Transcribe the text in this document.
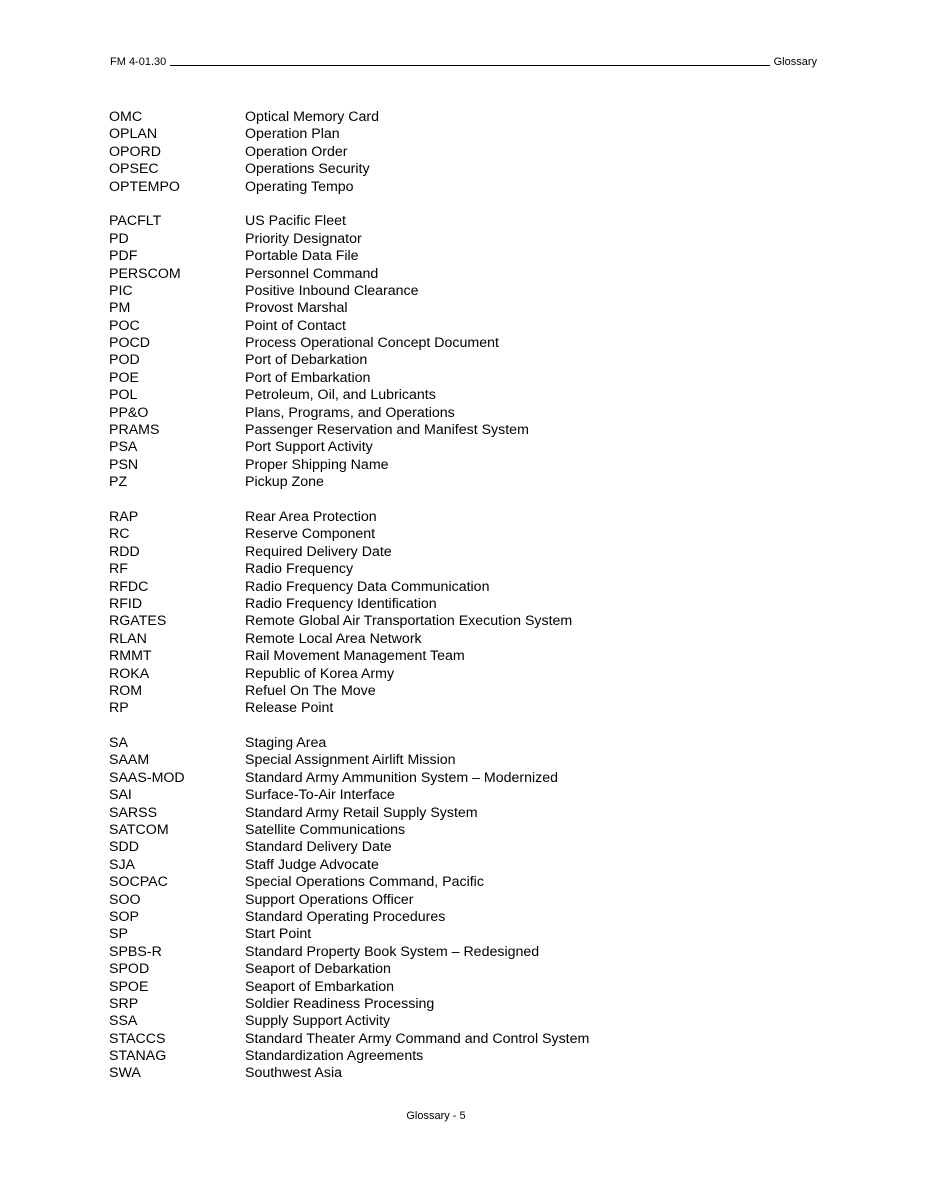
FM 4-01.30	Glossary
OMC	Optical Memory Card
OPLAN	Operation Plan
OPORD	Operation Order
OPSEC	Operations Security
OPTEMPO	Operating Tempo
PACFLT	US Pacific Fleet
PD	Priority Designator
PDF	Portable Data File
PERSCOM	Personnel Command
PIC	Positive Inbound Clearance
PM	Provost Marshal
POC	Point of Contact
POCD	Process Operational Concept Document
POD	Port of Debarkation
POE	Port of Embarkation
POL	Petroleum, Oil, and Lubricants
PP&O	Plans, Programs, and Operations
PRAMS	Passenger Reservation and Manifest System
PSA	Port Support Activity
PSN	Proper Shipping Name
PZ	Pickup Zone
RAP	Rear Area Protection
RC	Reserve Component
RDD	Required Delivery Date
RF	Radio Frequency
RFDC	Radio Frequency Data Communication
RFID	Radio Frequency Identification
RGATES	Remote Global Air Transportation Execution System
RLAN	Remote Local Area Network
RMMT	Rail Movement Management Team
ROKA	Republic of Korea Army
ROM	Refuel On The Move
RP	Release Point
SA	Staging Area
SAAM	Special Assignment Airlift Mission
SAAS-MOD	Standard Army Ammunition System – Modernized
SAI	Surface-To-Air Interface
SARSS	Standard Army Retail Supply System
SATCOM	Satellite Communications
SDD	Standard Delivery Date
SJA	Staff Judge Advocate
SOCPAC	Special Operations Command, Pacific
SOO	Support Operations Officer
SOP	Standard Operating Procedures
SP	Start Point
SPBS-R	Standard Property Book System – Redesigned
SPOD	Seaport of Debarkation
SPOE	Seaport of Embarkation
SRP	Soldier Readiness Processing
SSA	Supply Support Activity
STACCS	Standard Theater Army Command and Control System
STANAG	Standardization Agreements
SWA	Southwest Asia
Glossary - 5
